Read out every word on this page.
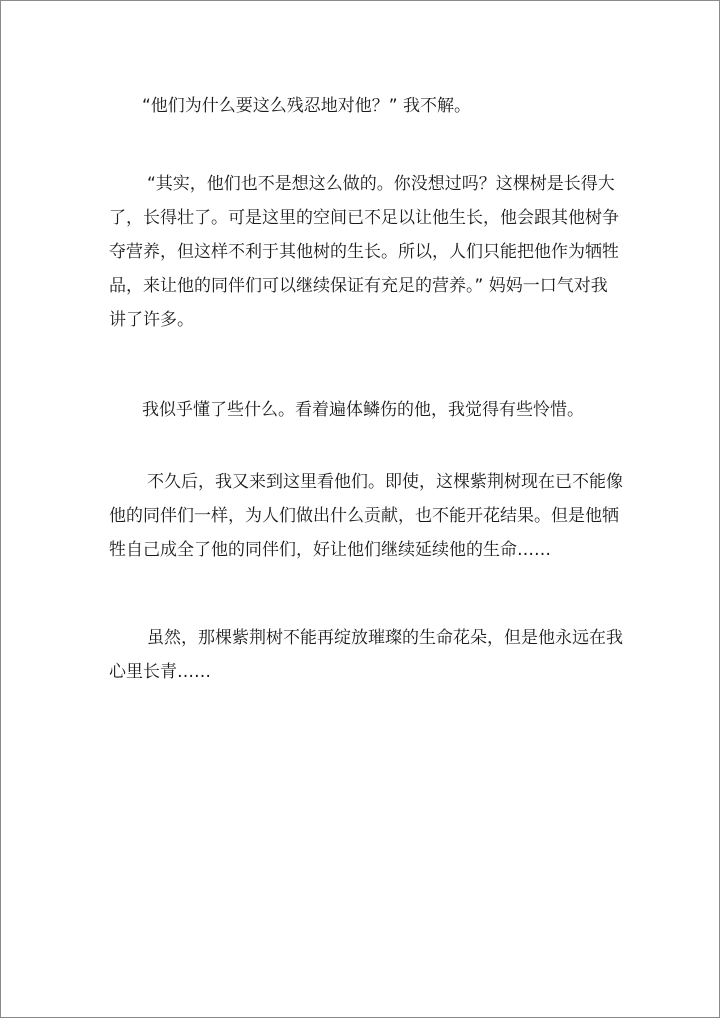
“他们为什么要这么残忍地对他？” 我不解。
“其实，他们也不是想这么做的。你没想过吗？这棵树是长得大
了，长得壮了。可是这里的空间已不足以让他生长，他会跟其他树争
夺营养，但这样不利于其他树的生长。所以，人们只能把他作为牺牲
品，来让他的同伴们可以继续保证有充足的营养。” 妈妈一口气对我
讲了许多。
我似乎懂了些什么。看着遍体鳞伤的他，我觉得有些怜惜。
不久后，我又来到这里看他们。即使，这棵紫荆树现在已不能像
他的同伴们一样，为人们做出什么贡献，也不能开花结果。但是他牺
牲自己成全了他的同伴们，好让他们继续延续他的生命……
虽然，那棵紫荆树不能再绽放璀璨的生命花朵，但是他永远在我
心里长青……
